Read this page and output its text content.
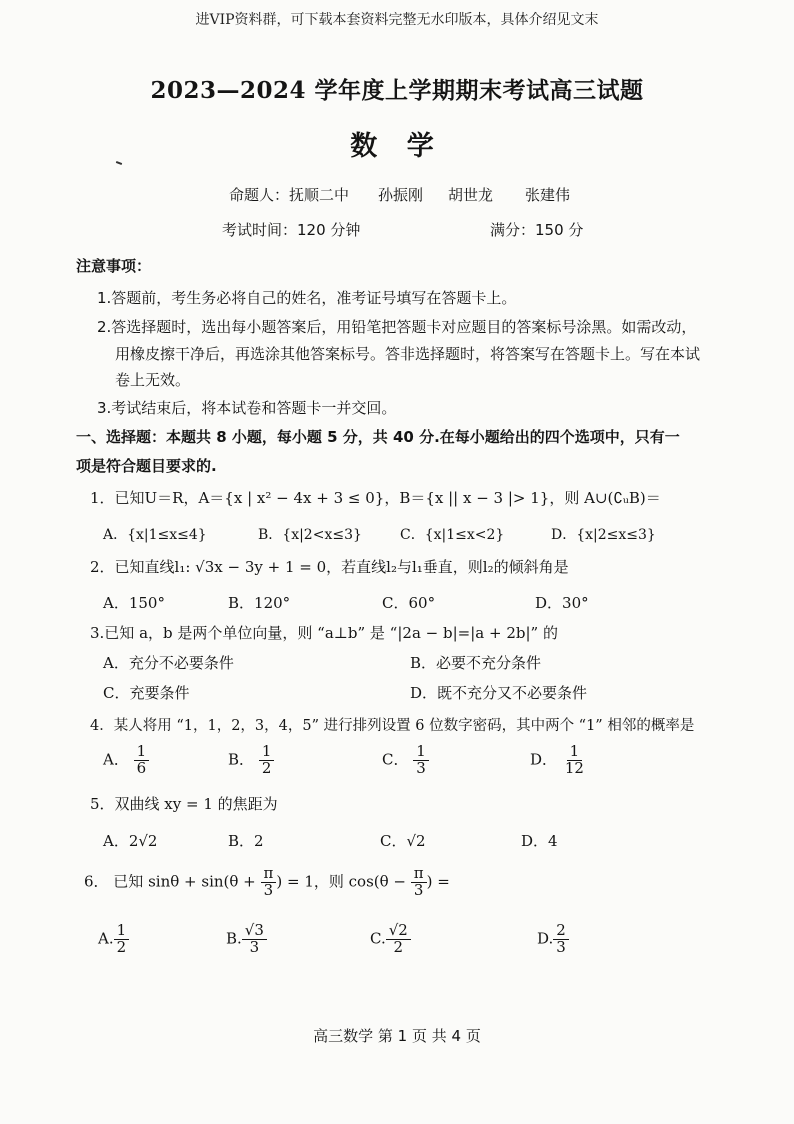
进VIP资料群，可下载本套资料完整无水印版本，具体介绍见文末
2023—2024 学年度上学期期末考试高三试题
数 学
命题人：抚顺二中 孙振刚 胡世龙 张建伟
考试时间：120 分钟	满分：150 分
注意事项：
1.答题前，考生务必将自己的姓名，准考证号填写在答题卡上。
2.答选择题时，选出每小题答案后，用铅笔把答题卡对应题目的答案标号涂黑。如需改动，
用橡皮擦干净后，再选涂其他答案标号。答非选择题时，将答案写在答题卡上。写在本试
卷上无效。
3.考试结束后，将本试卷和答题卡一并交回。
一、选择题：本题共 8 小题，每小题 5 分，共 40 分.在每小题给出的四个选项中，只有一
项是符合题目要求的.
1．已知U＝R，A＝{x | x² − 4x + 3 ≤ 0}，B＝{x || x − 3 |> 1}，则 A∪(∁ᵤB)＝
A．{x|1≤x≤4}	B．{x|2<x≤3}	C．{x|1≤x<2}	D．{x|2≤x≤3}
2．已知直线l₁: √3x − 3y + 1 = 0，若直线l₂与l₁垂直，则l₂的倾斜角是
A．150°	B．120°	C．60°	D．30°
3.已知 a，b 是两个单位向量，则 “a⊥b” 是 “|2a − b|=|a + 2b|” 的
A．充分不必要条件	B．必要不充分条件
C．充要条件	D．既不充分又不必要条件
4．某人将用 “1，1，2，3，4，5” 进行排列设置 6 位数字密码，其中两个 “1” 相邻的概率是
A． $\frac{1}{6}$	B． $\frac{1}{2}$	C． $\frac{1}{3}$	D． $\frac{1}{12}$
5．双曲线 xy = 1 的焦距为
A．2√2	B．2	C．√2	D．4
6． 已知 $\sin\theta + \sin(\theta + \frac{\pi}{3}$ ) = 1，则 $\cos(\theta - \frac{\pi}{3}$ ) =
A. $\frac{1}{2}$	B. $\frac{√3}{3}$	C. $\frac{√2}{2}$	D. $\frac{2}{3}$
高三数学 第 1 页 共 4 页
